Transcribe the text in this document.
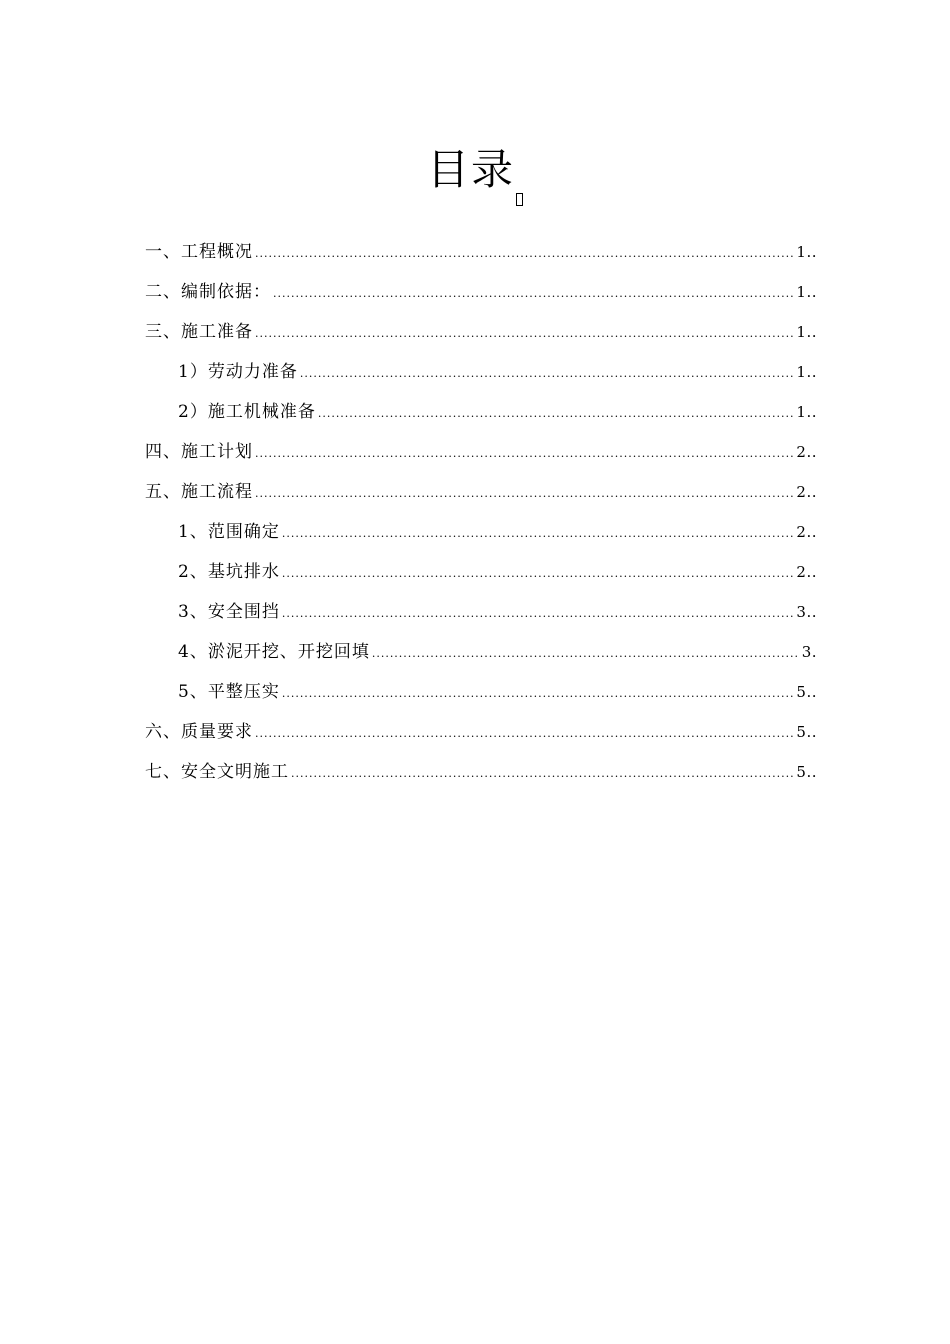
目录
一、工程概况 .....	1..
二、编制依据： .....	1..
三、施工准备 .....	1..
1）劳动力准备 .....	1..
2）施工机械准备 .....	1..
四、施工计划 .....	2..
五、施工流程 .....	2..
1、范围确定 .....	2..
2、基坑排水 .....	2..
3、安全围挡 .....	3..
4、淤泥开挖、开挖回填 .....	3.
5、平整压实 .....	5..
六、质量要求 .....	5..
七、安全文明施工 .....	5..
